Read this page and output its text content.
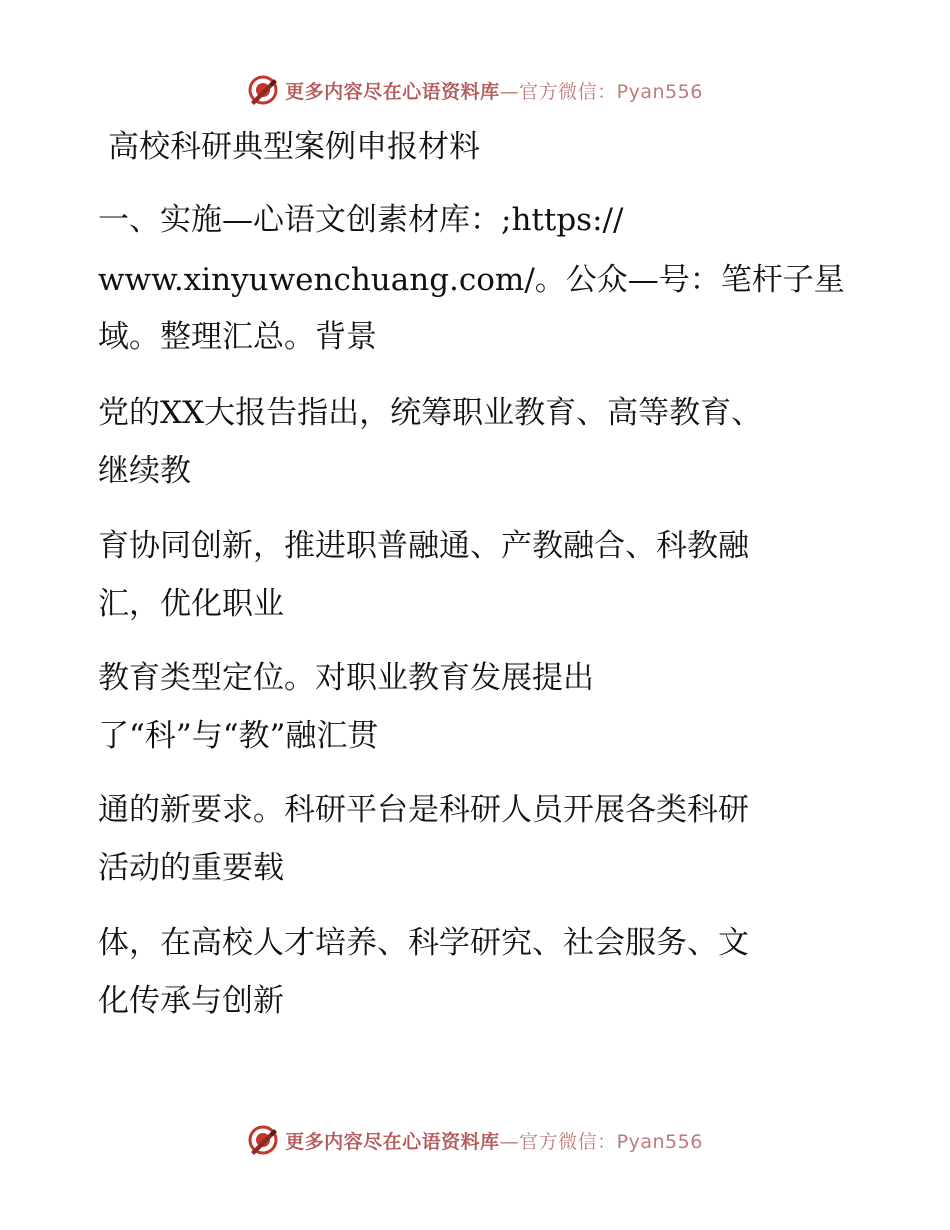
更多内容尽在心语资料库—官方微信：Pyan556
高校科研典型案例申报材料
一、实施—心语文创素材库：;https://
www.xinyuwenchuang.com/。公众—号：笔杆子星
域。整理汇总。背景
党的XX大报告指出，统筹职业教育、高等教育、
继续教
育协同创新，推进职普融通、产教融合、科教融
汇，优化职业
教育类型定位。对职业教育发展提出
了“科”与“教”融汇贯
通的新要求。科研平台是科研人员开展各类科研
活动的重要载
体，在高校人才培养、科学研究、社会服务、文
化传承与创新
更多内容尽在心语资料库—官方微信：Pyan556
